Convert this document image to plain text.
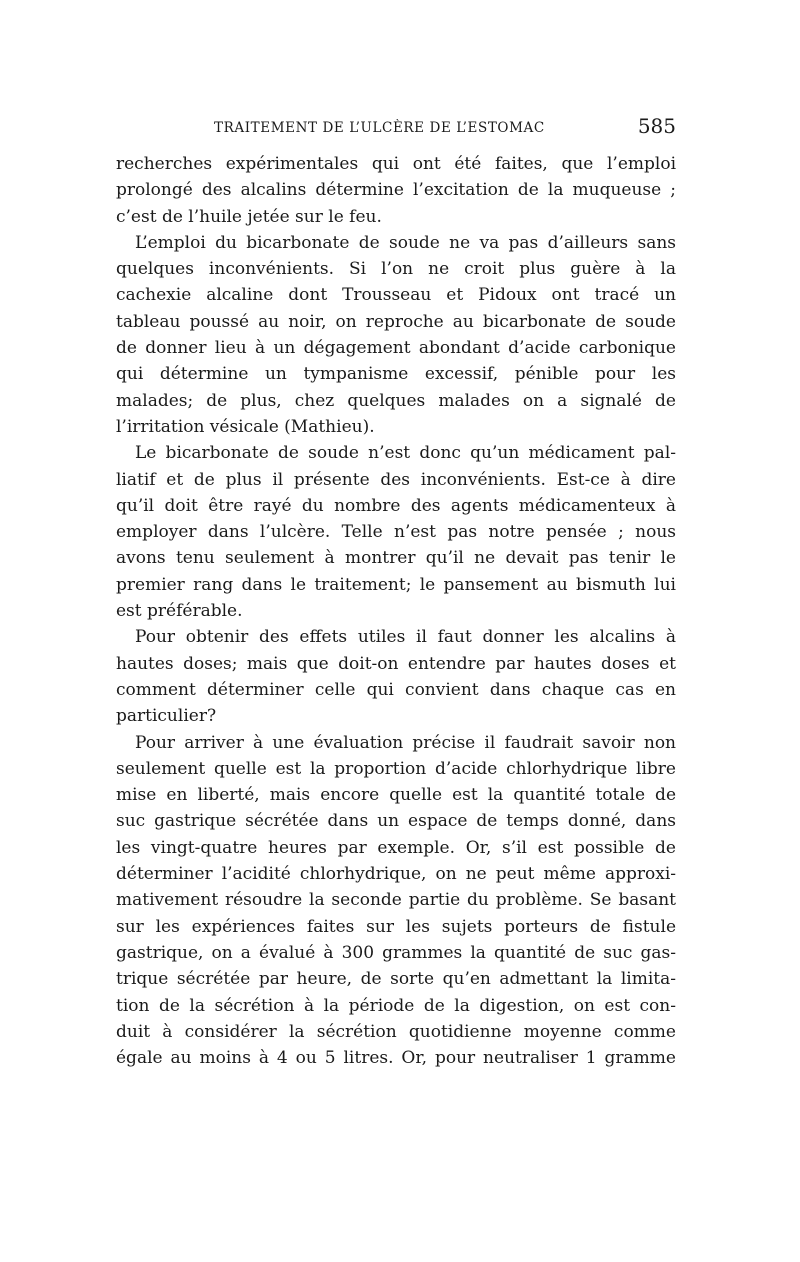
TRAITEMENT DE L’ULCÈRE DE L’ESTOMAC	585

recherches expérimentales qui ont été faites, que l’emploi
prolongé des alcalins détermine l’excitation de la muqueuse ;
c’est de l’huile jetée sur le feu.

L’emploi du bicarbonate de soude ne va pas d’ailleurs sans
quelques inconvénients. Si l’on ne croit plus guère à la
cachexie alcaline dont Trousseau et Pidoux ont tracé un
tableau poussé au noir, on reproche au bicarbonate de soude
de donner lieu à un dégagement abondant d’acide carbonique
qui détermine un tympanisme excessif, pénible pour les
malades; de plus, chez quelques malades on a signalé de
l’irritation vésicale (Mathieu).

Le bicarbonate de soude n’est donc qu’un médicament pal-
liatif et de plus il présente des inconvénients. Est-ce à dire
qu’il doit être rayé du nombre des agents médicamenteux à
employer dans l’ulcère. Telle n’est pas notre pensée ; nous
avons tenu seulement à montrer qu’il ne devait pas tenir le
premier rang dans le traitement; le pansement au bismuth lui
est préférable.

Pour obtenir des effets utiles il faut donner les alcalins à
hautes doses; mais que doit-on entendre par hautes doses et
comment déterminer celle qui convient dans chaque cas en
particulier?

Pour arriver à une évaluation précise il faudrait savoir non
seulement quelle est la proportion d’acide chlorhydrique libre
mise en liberté, mais encore quelle est la quantité totale de
suc gastrique sécrétée dans un espace de temps donné, dans
les vingt-quatre heures par exemple. Or, s’il est possible de
déterminer l’acidité chlorhydrique, on ne peut même approxi-
mativement résoudre la seconde partie du problème. Se basant
sur les expériences faites sur les sujets porteurs de fistule
gastrique, on a évalué à 300 grammes la quantité de suc gas-
trique sécrétée par heure, de sorte qu’en admettant la limita-
tion de la sécrétion à la période de la digestion, on est con-
duit à considérer la sécrétion quotidienne moyenne comme
égale au moins à 4 ou 5 litres. Or, pour neutraliser 1 gramme
